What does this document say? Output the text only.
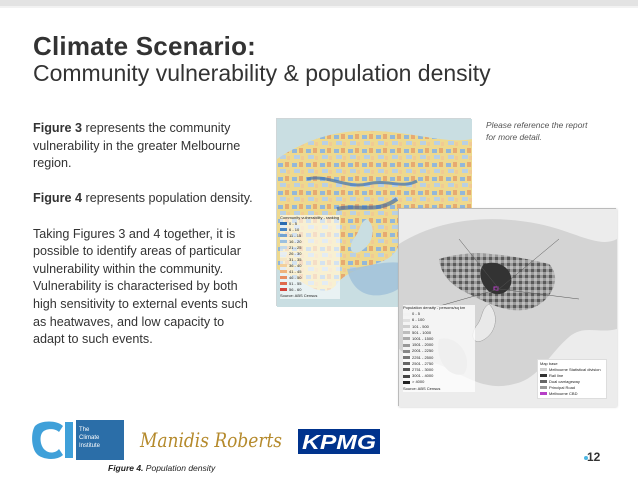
Climate Scenario:
Community vulnerability & population density

Figure 3 represents the community vulnerability in the greater Melbourne region.

Figure 4 represents population density.

Taking Figures 3 and 4 together, it is possible to identify areas of particular vulnerability within the community. Vulnerability is characterised by both high sensitivity to external events such as heatwaves, and low capacity to adapt to such events.

Community vulnerability - ranking
0 - 5
6 - 10
11 - 15
16 - 20
21 - 25
26 - 30
31 - 35
36 - 40
41 - 45
46 - 50
51 - 55
56 - 60
Source: ABS Census
Population density - persons/sq km
0 - 5
6 - 100
101 - 500
501 - 1000
1001 - 1500
1501 - 2000
2001 - 2250
2251 - 2500
2501 - 2750
2751 - 3000
3001 - 4000
> 4000
Source: ABS Census
Map base
Melbourne Statistical division
Rail line
Dual carriageway
Principal Road
Melbourne CBD
Please reference the report for more detail.
The
Climate
Institute Manidis Roberts KPMG
Figure 4. Population density
12
